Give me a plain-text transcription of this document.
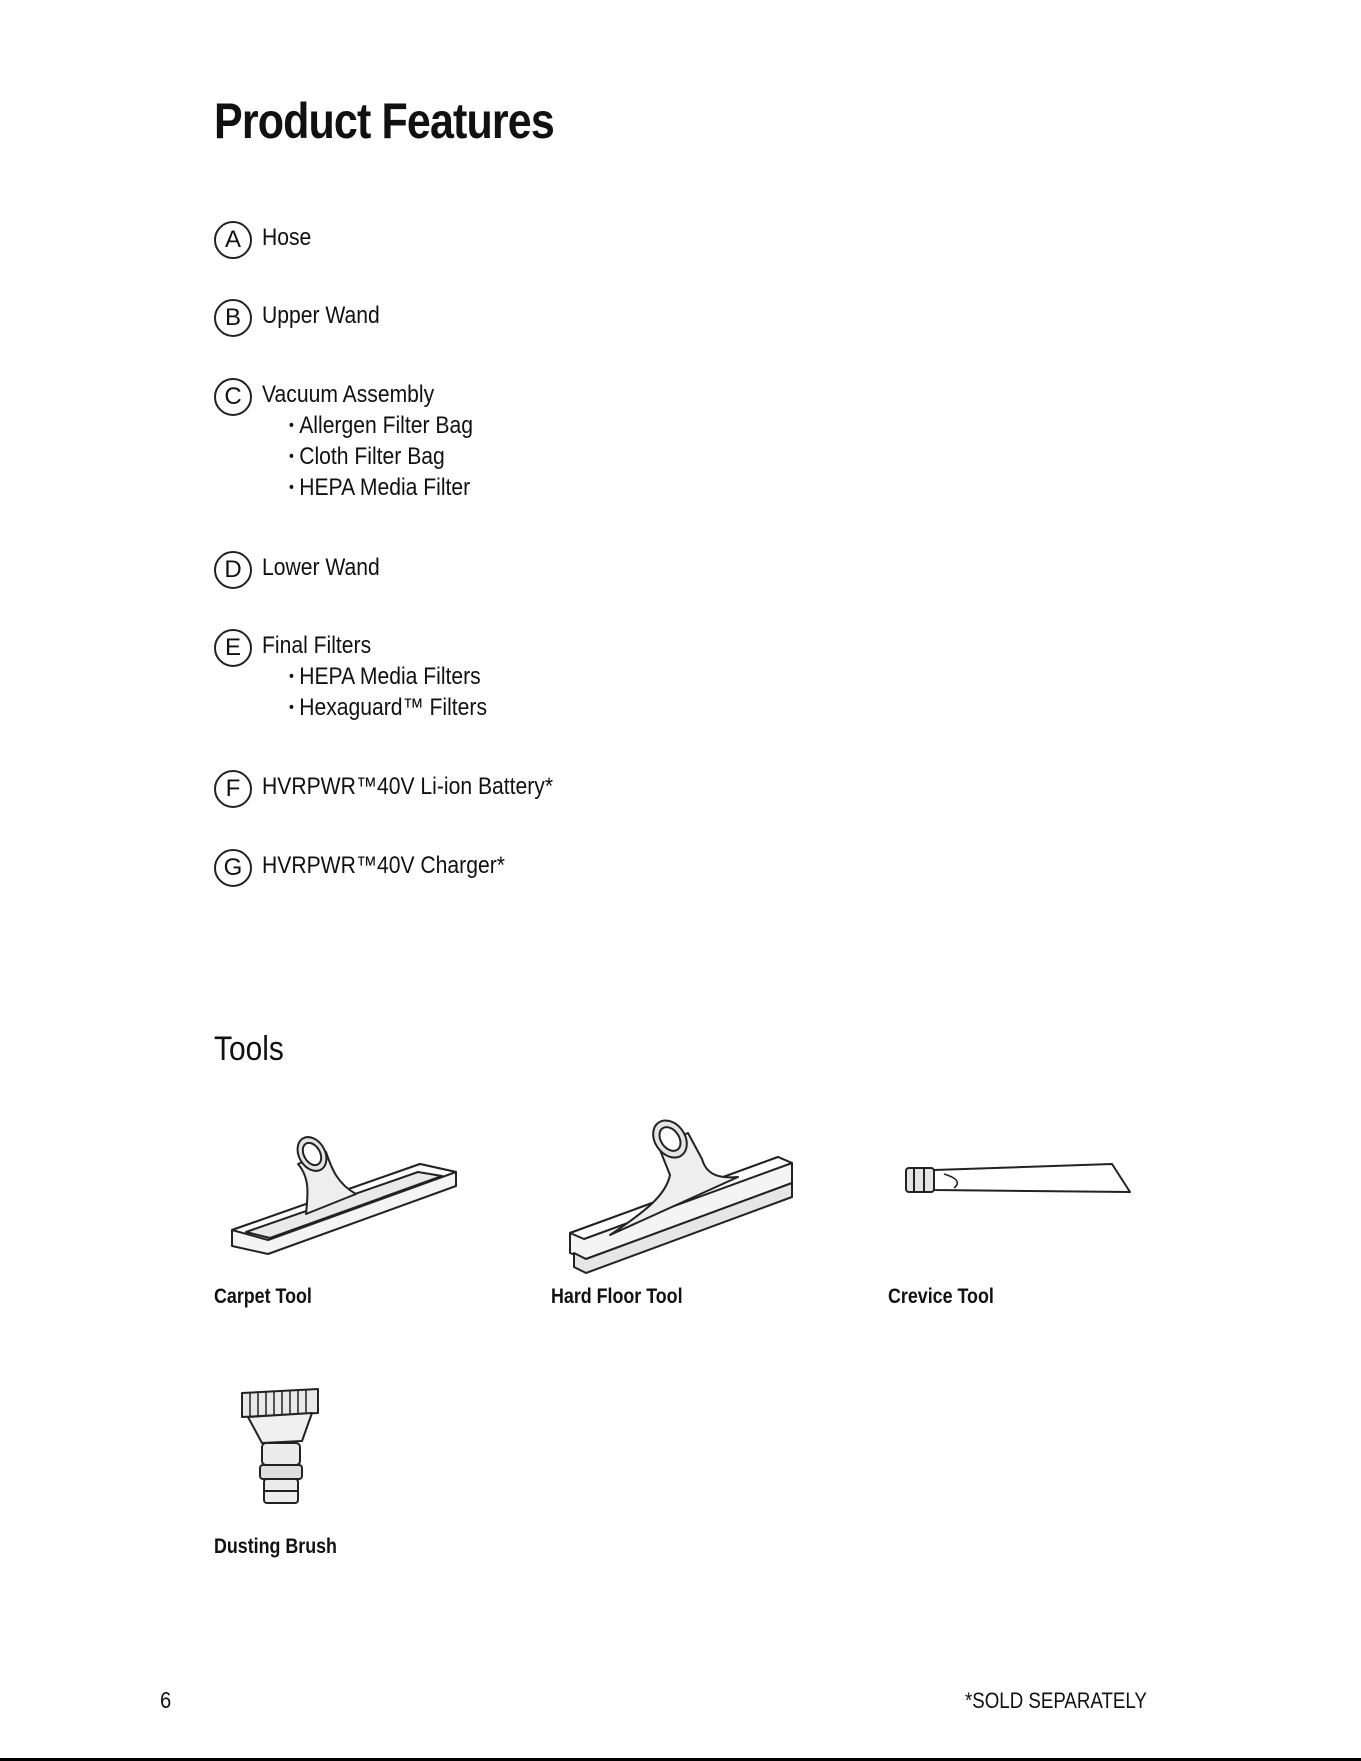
Product Features
A Hose
B Upper Wand
C Vacuum Assembly
• Allergen Filter Bag
• Cloth Filter Bag
• HEPA Media Filter
D Lower Wand
E Final Filters
• HEPA Media Filters
• Hexaguard™ Filters
F HVRPWR™40V Li-ion Battery*
G HVRPWR™40V Charger*
Tools
Carpet Tool	Hard Floor Tool	Crevice Tool
Dusting Brush
6	*SOLD SEPARATELY
